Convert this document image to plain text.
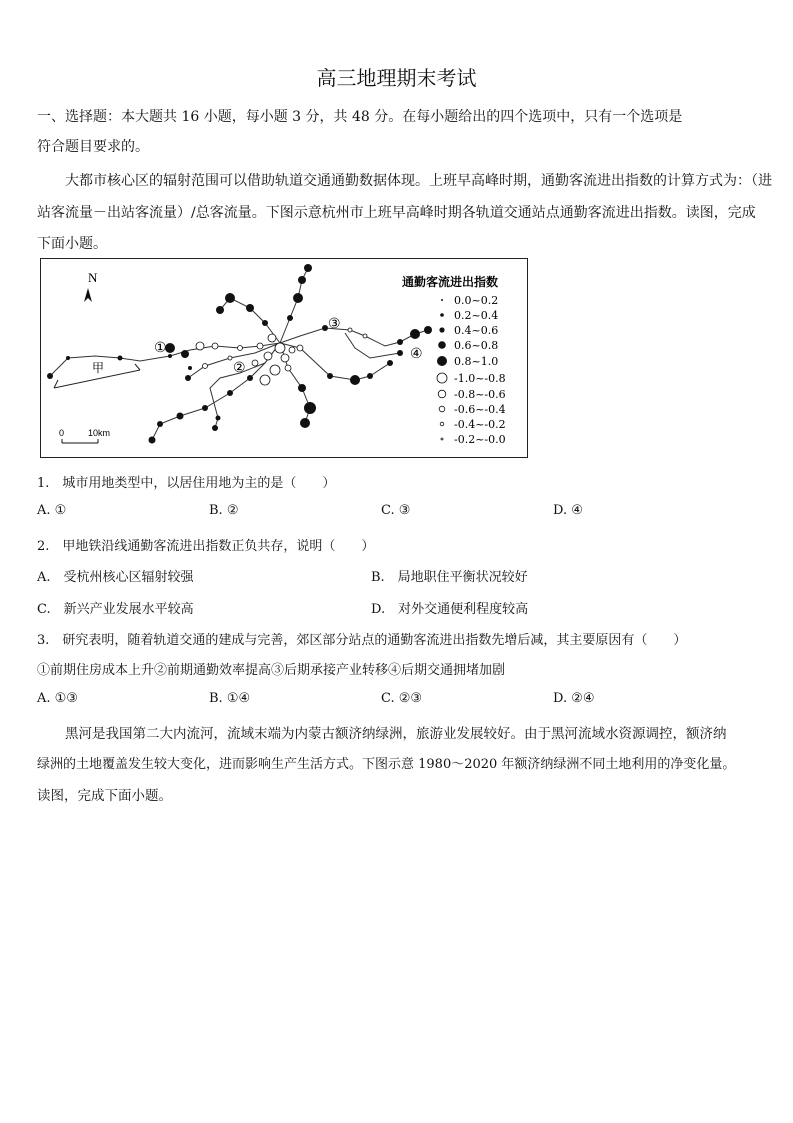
高三地理期末考试
一、选择题：本大题共 16 小题，每小题 3 分，共 48 分。在每小题给出的四个选项中，只有一个选项是
符合题目要求的。
大都市核心区的辐射范围可以借助轨道交通通勤数据体现。上班早高峰时期，通勤客流进出指数的计算方式为：（进
站客流量－出站客流量）/总客流量。下图示意杭州市上班早高峰时期各轨道交通站点通勤客流进出指数。读图，完成
下面小题。
N
0	10km
甲
①
②
③
④
通勤客流进出指数
0.0~0.2
0.2~0.4
0.4~0.6
0.6~0.8
0.8~1.0
-1.0~-0.8
-0.8~-0.6
-0.6~-0.4
-0.4~-0.2
-0.2~-0.0
1.　城市用地类型中，以居住用地为主的是（　　）
A. ①	B. ②	C. ③	D. ④
2.　甲地铁沿线通勤客流进出指数正负共存，说明（　　）
A.　受杭州核心区辐射较强	B.　局地职住平衡状况较好
C.　新兴产业发展水平较高	D.　对外交通便利程度较高
3.　研究表明，随着轨道交通的建成与完善，郊区部分站点的通勤客流进出指数先增后减，其主要原因有（　　）
①前期住房成本上升②前期通勤效率提高③后期承接产业转移④后期交通拥堵加剧
A. ①③	B. ①④	C. ②③	D. ②④
黑河是我国第二大内流河，流域末端为内蒙古额济纳绿洲，旅游业发展较好。由于黑河流域水资源调控，额济纳
绿洲的土地覆盖发生较大变化，进而影响生产生活方式。下图示意 1980～2020 年额济纳绿洲不同土地利用的净变化量。
读图，完成下面小题。
